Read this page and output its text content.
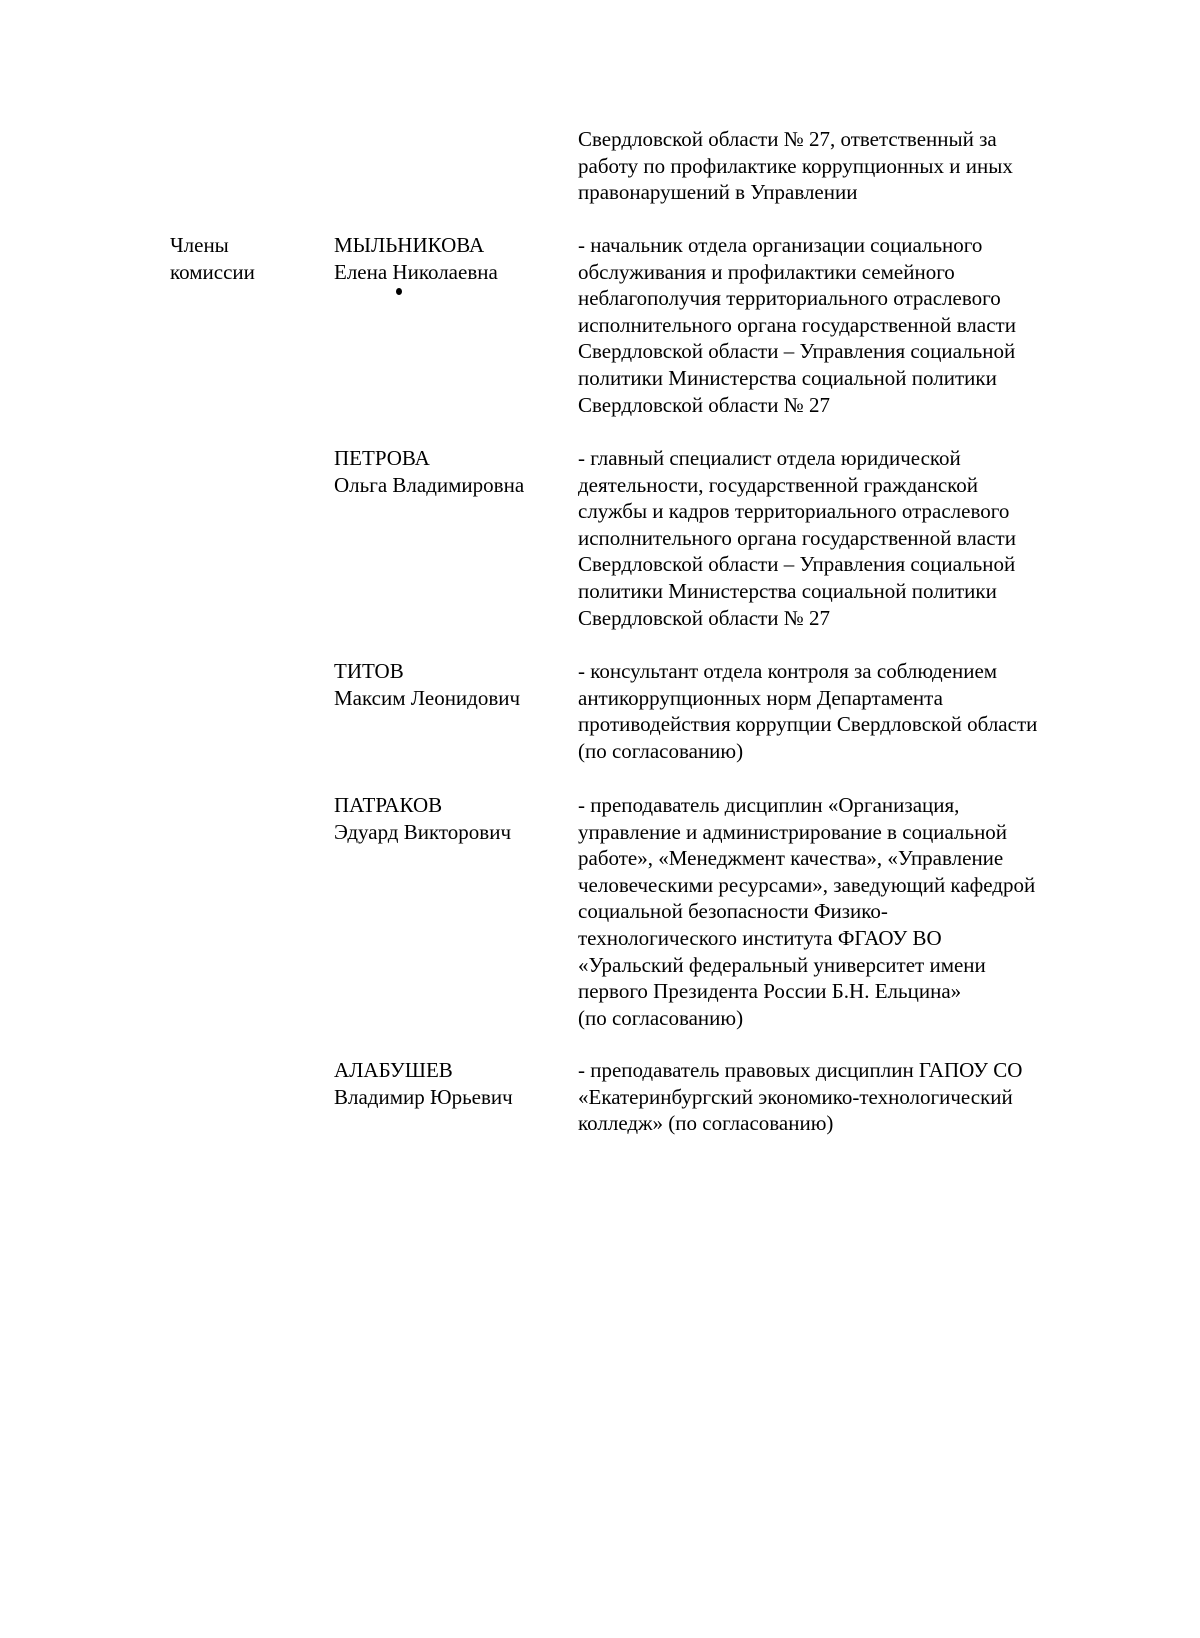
Свердловской области № 27, ответственный за
работу по профилактике коррупционных и иных
правонарушений в Управлении
Члены
комиссии
МЫЛЬНИКОВА
Елена Николаевна
- начальник отдела организации социального
обслуживания и профилактики семейного
неблагополучия территориального отраслевого
исполнительного органа государственной власти
Свердловской области – Управления социальной
политики Министерства социальной политики
Свердловской области № 27
ПЕТРОВА
Ольга Владимировна
- главный специалист отдела юридической
деятельности, государственной гражданской
службы и кадров территориального отраслевого
исполнительного органа государственной власти
Свердловской области – Управления социальной
политики Министерства социальной политики
Свердловской области № 27
ТИТОВ
Максим Леонидович
- консультант отдела контроля за соблюдением
антикоррупционных норм Департамента
противодействия коррупции Свердловской области
(по согласованию)
ПАТРАКОВ
Эдуард Викторович
- преподаватель дисциплин «Организация,
управление и администрирование в социальной
работе», «Менеджмент качества», «Управление
человеческими ресурсами», заведующий кафедрой
социальной безопасности Физико-
технологического института ФГАОУ ВО
«Уральский федеральный университет имени
первого Президента России Б.Н. Ельцина»
(по согласованию)
АЛАБУШЕВ
Владимир Юрьевич
- преподаватель правовых дисциплин ГАПОУ СО
«Екатеринбургский экономико-технологический
колледж» (по согласованию)
